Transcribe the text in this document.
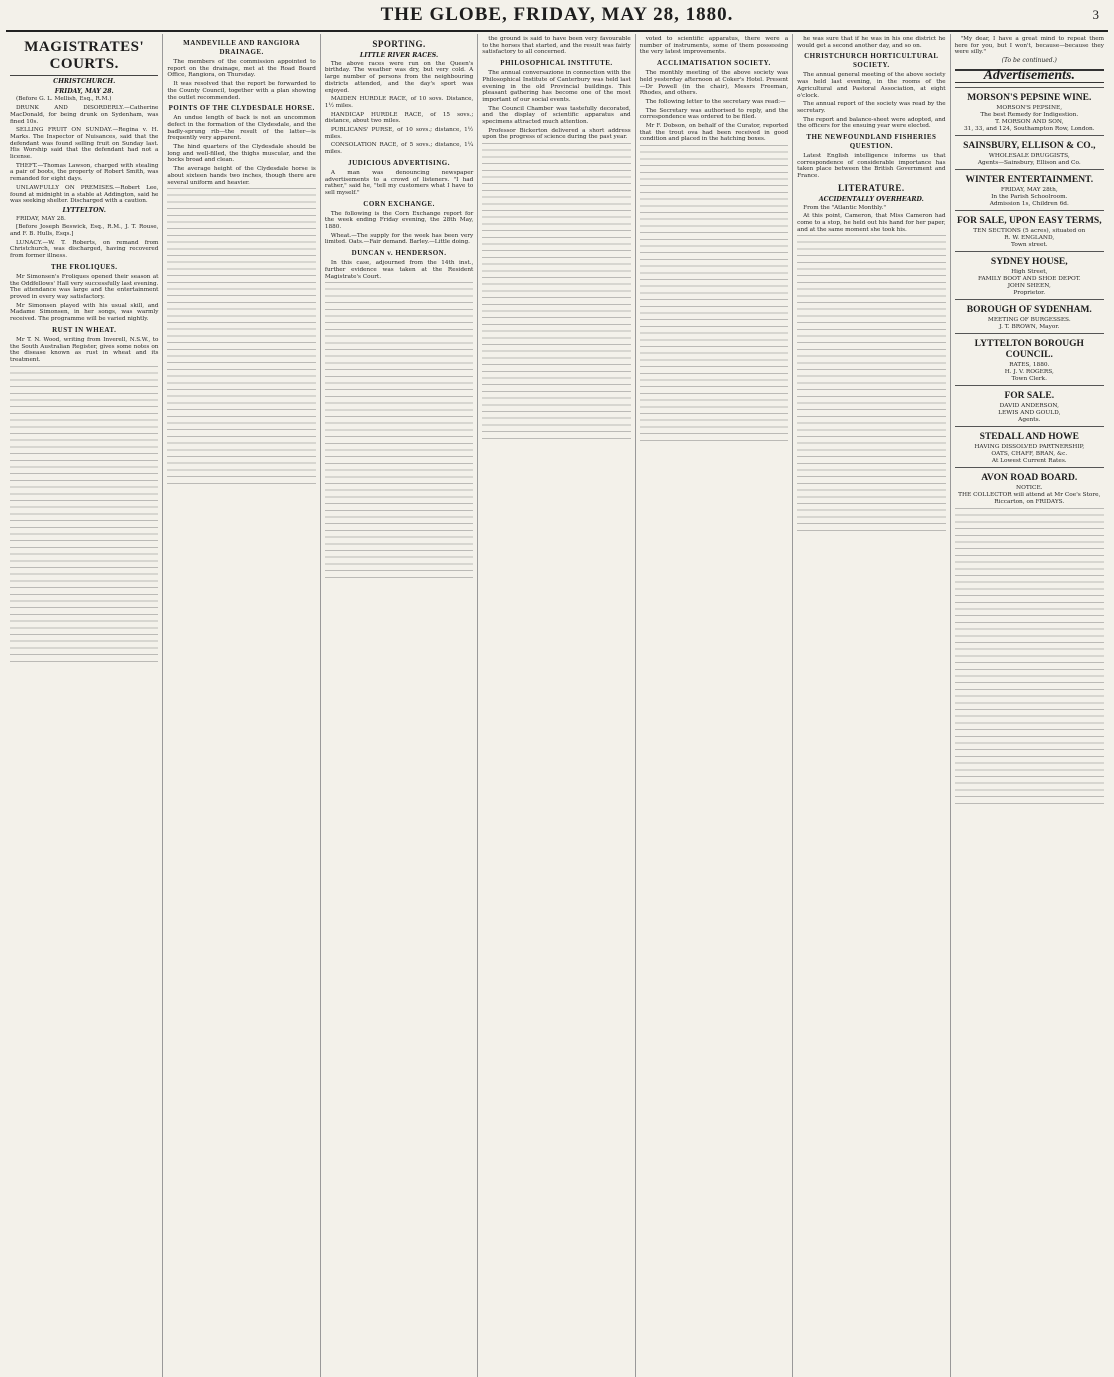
THE GLOBE, FRIDAY, MAY 28, 1880.	3
MAGISTRATES' COURTS.
CHRISTCHURCH.
FRIDAY, MAY 28.

(Before G. L. Mellish, Esq., R.M.)

DRUNK AND DISORDERLY.—Catherine MacDonald, for being drunk on Sydenham, was fined 10s.

SELLING FRUIT ON SUNDAY.—Regina v. H. Marks. The Inspector of Nuisances, said that the defendant was found selling fruit on Sunday last. His Worship said that the defendant had not a license.

THEFT.—Thomas Lawson, charged with stealing a pair of boots, the property of Robert Smith, was remanded for eight days.

UNLAWFULLY ON PREMISES.—Robert Lee, found at midnight in a stable at Addington, said he was seeking shelter. Discharged with a caution.

LYTTELTON.

FRIDAY, MAY 28.

[Before Joseph Beswick, Esq., R.M., J. T. Rouse, and F. B. Hulls, Esqs.]

LUNACY.—W. T. Roberts, on remand from Christchurch, was discharged, having recovered from former illness.

THE FROLIQUES.

Mr Simonsen's Froliques opened their season at the Oddfellows' Hall very successfully last evening. The attendance was large and the entertainment proved in every way satisfactory.

Mr Simonsen played with his usual skill, and Madame Simonsen, in her songs, was warmly received. The programme will be varied nightly.

RUST IN WHEAT.

Mr T. N. Wood, writing from Inverell, N.S.W., to the South Australian Register, gives some notes on the disease known as rust in wheat and its treatment.

MANDEVILLE AND RANGIORA DRAINAGE.

The members of the commission appointed to report on the drainage, met at the Road Board Office, Rangiora, on Thursday.

It was resolved that the report be forwarded to the County Council, together with a plan showing the outlet recommended.

POINTS OF THE CLYDESDALE HORSE.

An undue length of back is not an uncommon defect in the formation of the Clydesdale, and the badly-sprung rib—the result of the latter—is frequently very apparent.

The hind quarters of the Clydesdale should be long and well-filled, the thighs muscular, and the hocks broad and clean.

The average height of the Clydesdale horse is about sixteen hands two inches, though there are several uniform and heavier.

SPORTING.
LITTLE RIVER RACES.

The above races were run on the Queen's birthday. The weather was dry, but very cold. A large number of persons from the neighbouring districts attended, and the day's sport was enjoyed.

MAIDEN HURDLE RACE, of 10 sovs. Distance, 1½ miles.

HANDICAP HURDLE RACE, of 15 sovs.; distance, about two miles.

PUBLICANS' PURSE, of 10 sovs.; distance, 1½ miles.

CONSOLATION RACE, of 5 sovs.; distance, 1¼ miles.

JUDICIOUS ADVERTISING.

A man was denouncing newspaper advertisements to a crowd of listeners. "I had rather," said he, "tell my customers what I have to sell myself."

CORN EXCHANGE.

The following is the Corn Exchange report for the week ending Friday evening, the 28th May, 1880.

Wheat.—The supply for the week has been very limited. Oats.—Fair demand. Barley.—Little doing.

DUNCAN v. HENDERSON.

In this case, adjourned from the 14th inst., further evidence was taken at the Resident Magistrate's Court.

the ground is said to have been very favourable to the horses that started, and the result was fairly satisfactory to all concerned.

PHILOSOPHICAL INSTITUTE.

The annual conversazione in connection with the Philosophical Institute of Canterbury was held last evening in the old Provincial buildings. This pleasant gathering has become one of the most important of our social events.

The Council Chamber was tastefully decorated, and the display of scientific apparatus and specimens attracted much attention.

Professor Bickerton delivered a short address upon the progress of science during the past year.

voted to scientific apparatus, there were a number of instruments, some of them possessing the very latest improvements.

ACCLIMATISATION SOCIETY.

The monthly meeting of the above society was held yesterday afternoon at Coker's Hotel. Present—Dr Powell (in the chair), Messrs Freeman, Rhodes, and others.

The following letter to the secretary was read:—

The Secretary was authorised to reply, and the correspondence was ordered to be filed.

Mr F. Dobson, on behalf of the Curator, reported that the trout ova had been received in good condition and placed in the hatching boxes.

he was sure that if he was in his one district he would get a second another day, and so on.

CHRISTCHURCH HORTICULTURAL SOCIETY.

The annual general meeting of the above society was held last evening, in the rooms of the Agricultural and Pastoral Association, at eight o'clock.

The annual report of the society was read by the secretary.

The report and balance-sheet were adopted, and the officers for the ensuing year were elected.

THE NEWFOUNDLAND FISHERIES QUESTION.

Latest English intelligence informs us that correspondence of considerable importance has taken place between the British Government and France.

LITERATURE.
ACCIDENTALLY OVERHEARD.

From the "Atlantic Monthly."

At this point, Cameron, that Miss Cameron had come to a stop, he held out his hand for her paper, and at the same moment she took his.

"My dear, I have a great mind to repeat them here for you, but I won't, because—because they were silly."

(To be continued.)
Advertisements.
MORSON'S PEPSINE WINE.

MORSON'S PEPSINE,

The best Remedy for Indigestion.

T. MORSON AND SON,

31, 33, and 124, Southampton Row, London.

SAINSBURY, ELLISON & CO.,

WHOLESALE DRUGGISTS,

Agents—Sainsbury, Ellison and Co.

WINTER ENTERTAINMENT.

FRIDAY, MAY 28th,

In the Parish Schoolroom.

Admission 1s, Children 6d.

FOR SALE, UPON EASY TERMS,

TEN SECTIONS (5 acres), situated on

R. W. ENGLAND,

Town street.

SYDNEY HOUSE,

High Street,

FAMILY BOOT AND SHOE DEPOT.

JOHN SHEEN,

Proprietor.

BOROUGH OF SYDENHAM.

MEETING OF BURGESSES.

J. T. BROWN, Mayor.

LYTTELTON BOROUGH COUNCIL.

RATES, 1880.

H. J. V. ROGERS,

Town Clerk.

FOR SALE.

DAVID ANDERSON,

LEWIS AND GOULD,

Agents.

STEDALL AND HOWE

HAVING DISSOLVED PARTNERSHIP,

OATS, CHAFF, BRAN, &c.

At Lowest Current Rates.

AVON ROAD BOARD.

NOTICE.

THE COLLECTOR will attend at Mr Coe's Store, Riccarton, on FRIDAYS.
